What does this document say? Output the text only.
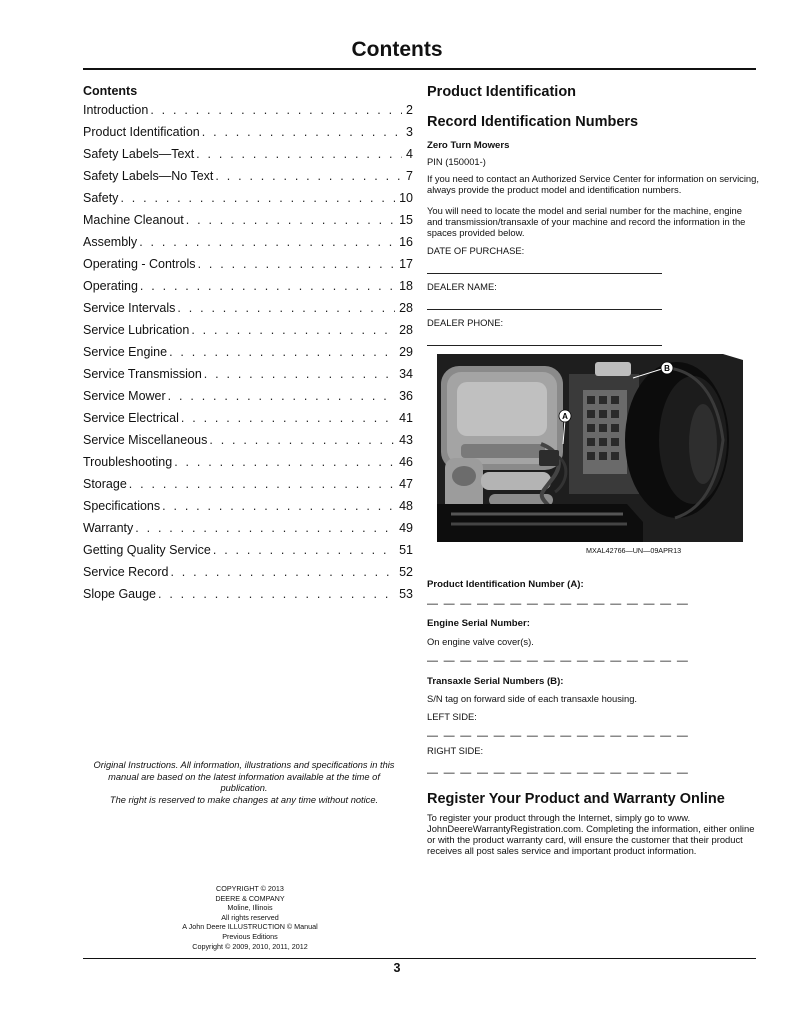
Contents
Contents
Introduction . . .	2
Product Identification . . .	3
Safety Labels—Text . . .	4
Safety Labels—No Text . . .	7
Safety . . .	10
Machine Cleanout . . .	15
Assembly . . .	16
Operating - Controls . . .	17
Operating . . .	18
Service Intervals . . .	28
Service Lubrication . . .	28
Service Engine . . .	29
Service Transmission . . .	34
Service Mower . . .	36
Service Electrical . . .	41
Service Miscellaneous . . .	43
Troubleshooting . . .	46
Storage . . .	47
Specifications . . .	48
Warranty . . .	49
Getting Quality Service . . .	51
Service Record . . .	52
Slope Gauge . . .	53
Original Instructions. All information, illustrations and specifications in this
manual are based on the latest information available at the time of
publication.
The right is reserved to make changes at any time without notice.
COPYRIGHT © 2013
DEERE & COMPANY
Moline, Illinois
All rights reserved
A John Deere ILLUSTRUCTION © Manual
Previous Editions
Copyright © 2009, 2010, 2011, 2012
Product Identification
Record Identification Numbers
Zero Turn Mowers
PIN (150001-)
If you need to contact an Authorized Service Center for information on servicing, always provide the product model and identification numbers.
You will need to locate the model and serial number for the machine, engine and transmission/transaxle of your machine and record the information in the spaces provided below.
DATE OF PURCHASE:
DEALER NAME:
DEALER PHONE:
A
B
MXAL42766—UN—09APR13
Product Identification Number (A):
— — — — — — — — — — — — — — — —
Engine Serial Number:
On engine valve cover(s).
— — — — — — — — — — — — — — — —
Transaxle Serial Numbers (B):
S/N tag on forward side of each transaxle housing.
LEFT SIDE:
— — — — — — — — — — — — — — — —
RIGHT SIDE:
— — — — — — — — — — — — — — — —
Register Your Product and Warranty Online
To register your product through the Internet, simply go to www. JohnDeereWarrantyRegistration.com. Completing the information, either online or with the product warranty card, will ensure the customer that their product receives all post sales service and important product information.
3
